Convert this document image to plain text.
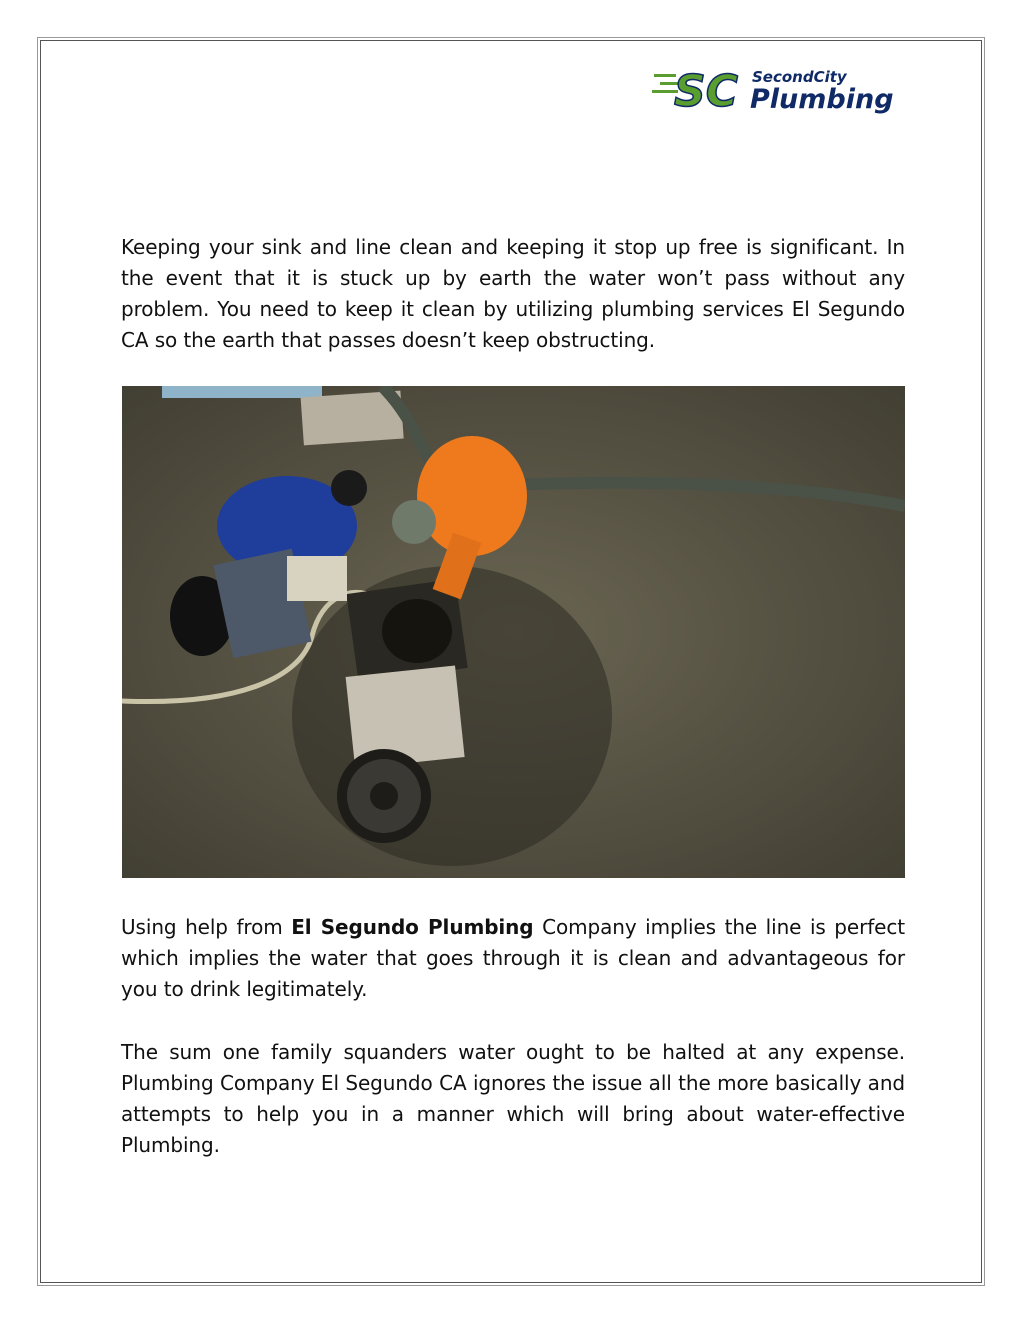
SC SecondCity
Plumbing

Keeping your sink and line clean and keeping it stop up free is significant. In the event that it is stuck up by earth the water won’t pass without any problem. You need to keep it clean by utilizing plumbing services El Segundo CA so the earth that passes doesn’t keep obstructing.

Using help from El Segundo Plumbing Company implies the line is perfect which implies the water that goes through it is clean and advantageous for you to drink legitimately.

The sum one family squanders water ought to be halted at any expense. Plumbing Company El Segundo CA ignores the issue all the more basically and attempts to help you in a manner which will bring about water-effective Plumbing.
